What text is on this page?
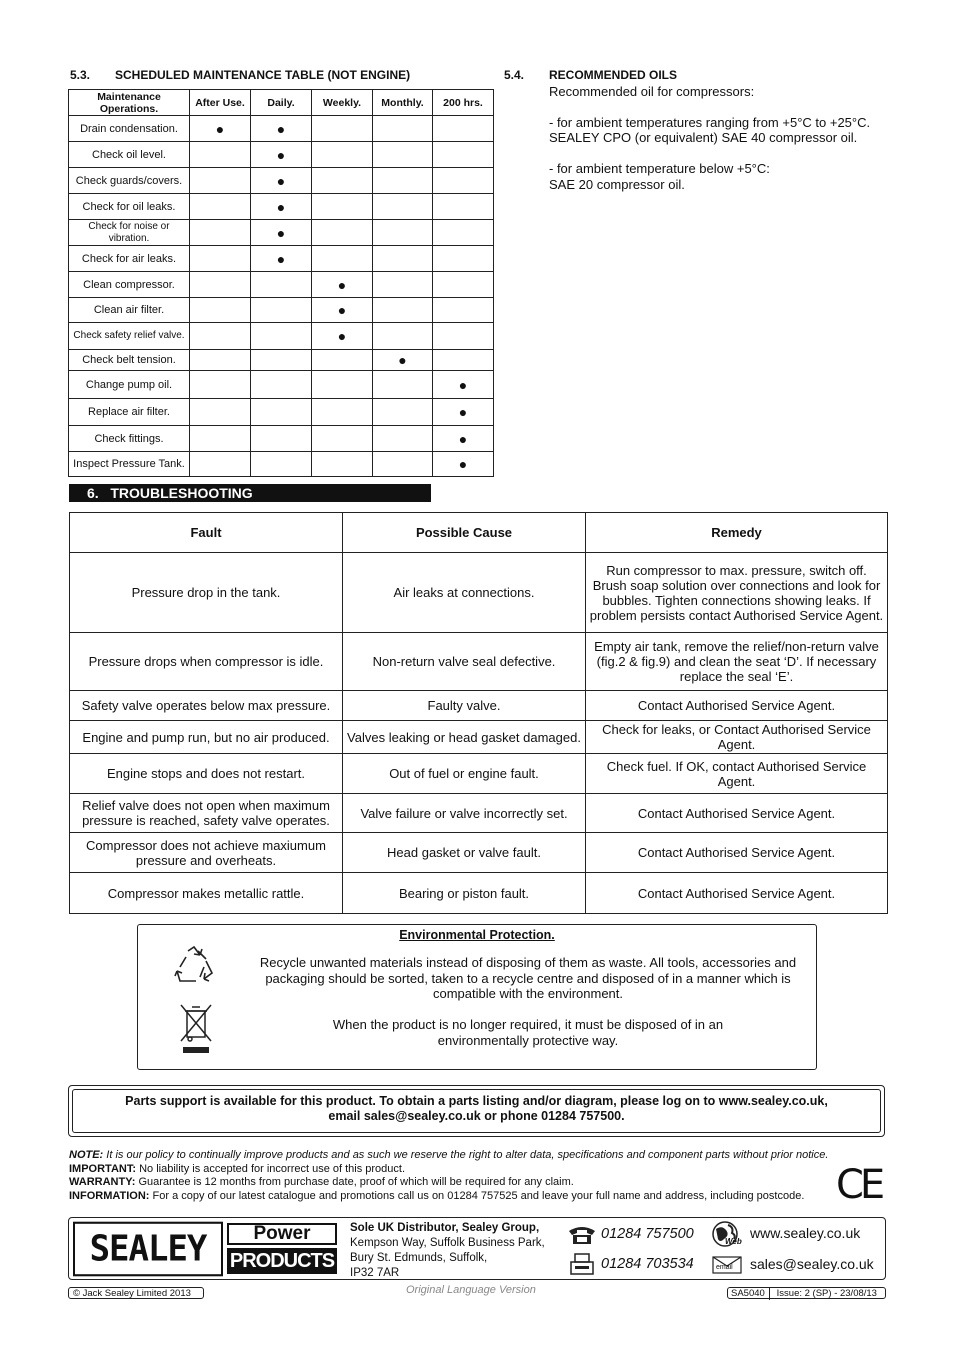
5.3. SCHEDULED MAINTENANCE TABLE (NOT ENGINE)
Maintenance Operations.	After Use.	Daily.	Weekly.	Monthly.	200 hrs.
Drain condensation.	●	●			
Check oil level.		●			
Check guards/covers.		●			
Check for oil leaks.		●			
Check for noise or vibration.		●			
Check for air leaks.		●			
Clean compressor.			●		
Clean air filter.			●		
Check safety relief valve.			●		
Check belt tension.				●	
Change pump oil.					●
Replace air filter.					●
Check fittings.					●
Inspect Pressure Tank.					●
5.4. RECOMMENDED OILS

Recommended oil for compressors:

- for ambient temperatures ranging from +5°C to +25°C.

SEALEY CPO (or equivalent) SAE 40 compressor oil.

- for ambient temperature below +5°C:

SAE 20 compressor oil.

6.   TROUBLESHOOTING
Fault	Possible Cause	Remedy
Pressure drop in the tank.	Air leaks at connections.	Run compressor to max. pressure, switch off. Brush soap solution over connections and look for bubbles. Tighten connections showing leaks. If problem persists contact Authorised Service Agent.
Pressure drops when compressor is idle.	Non-return valve seal defective.	Empty air tank, remove the relief/non-return valve (fig.2 & fig.9) and clean the seat ‘D’. If necessary replace the seal ‘E’.
Safety valve operates below max pressure.	Faulty valve.	Contact Authorised Service Agent.
Engine and pump run, but no air produced.	Valves leaking or head gasket damaged.	Check for leaks, or Contact Authorised Service Agent.
Engine stops and does not restart.	Out of fuel or engine fault.	Check fuel. If OK, contact Authorised Service Agent.
Relief valve does not open when maximum pressure is reached, safety valve operates.	Valve failure or valve incorrectly set.	Contact Authorised Service Agent.
Compressor does not achieve maxiumum pressure and overheats.	Head gasket or valve fault.	Contact Authorised Service Agent.
Compressor makes metallic rattle.	Bearing or piston fault.	Contact Authorised Service Agent.
Environmental Protection.
Recycle unwanted materials instead of disposing of them as waste. All tools, accessories and packaging should be sorted, taken to a recycle centre and disposed of in a manner which is compatible with the environment.
When the product is no longer required, it must be disposed of in an environmentally protective way.
Parts support is available for this product. To obtain a parts listing and/or diagram, please log on to www.sealey.co.uk,
email sales@sealey.co.uk or phone 01284 757500.
NOTE: It is our policy to continually improve products and as such we reserve the right to alter data, specifications and component parts without prior notice.
IMPORTANT: No liability is accepted for incorrect use of this product.
WARRANTY: Guarantee is 12 months from purchase date, proof of which will be required for any claim.
INFORMATION: For a copy of our latest catalogue and promotions call us on 01284 757525 and leave your full name and address, including postcode. CE
SEALEY	Power
PRODUCTS
Sole UK Distributor, Sealey Group,
Kempson Way, Suffolk Business Park,
Bury St. Edmunds, Suffolk,
IP32 7AR
01284 757500
01284 703534
Web
www.sealey.co.uk
email sales@sealey.co.uk
© Jack Sealey Limited 2013	Original Language Version	SA5040 Issue: 2 (SP) - 23/08/13
